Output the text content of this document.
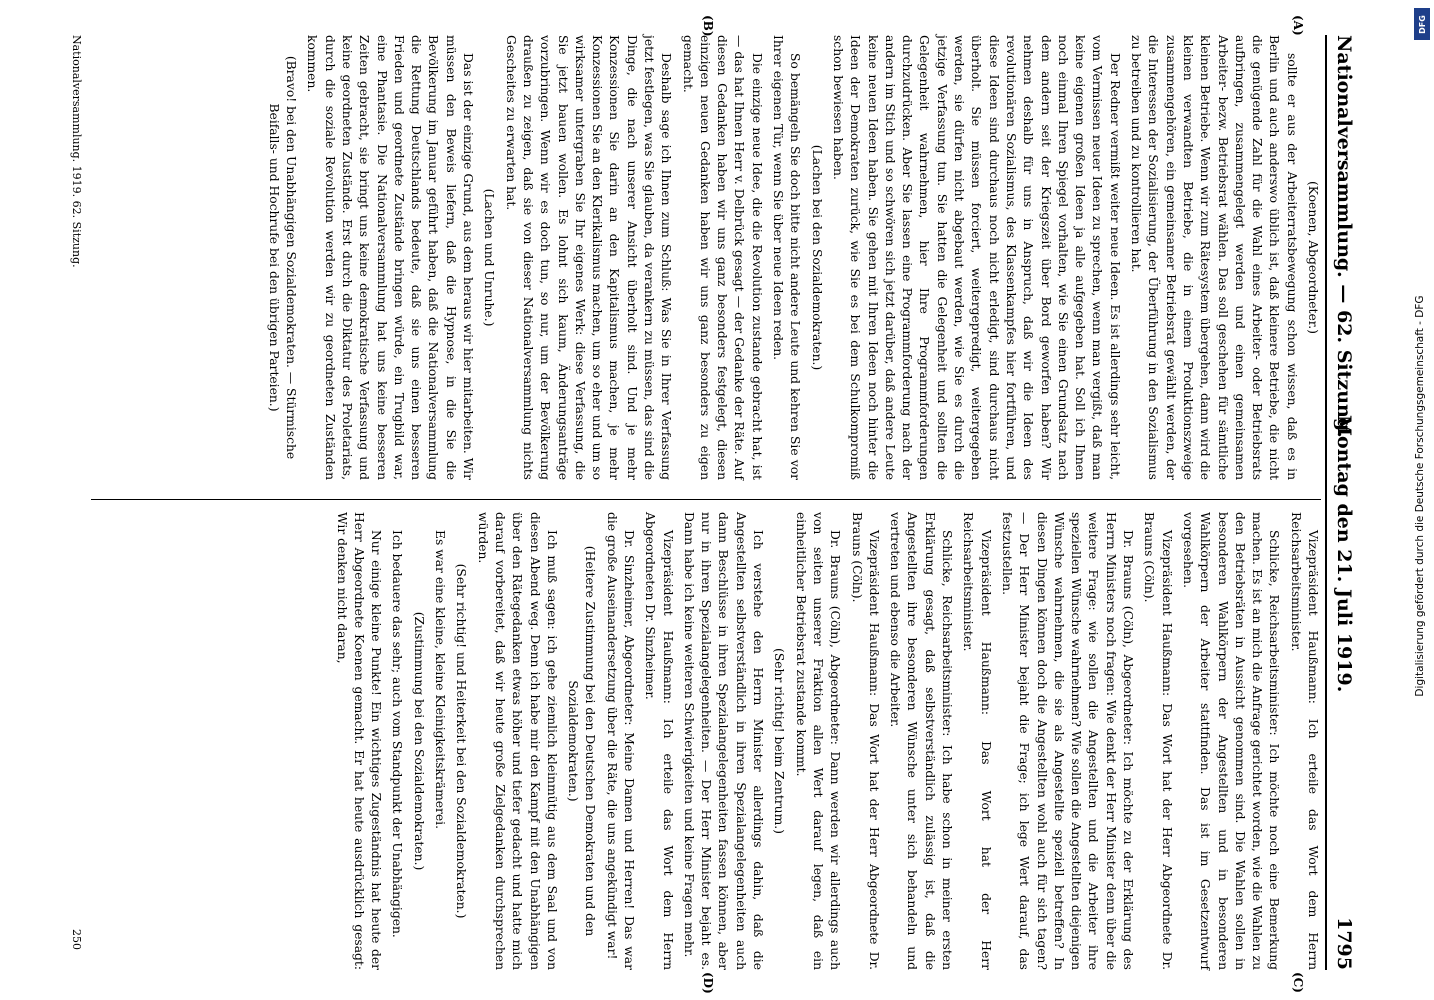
Nationalversammlung. — 62. Sitzung.
Montag den 21. Juli 1919.
1795

(Koenen, Abgeordneter.)

sollte er aus der Arbeiterratsbewegung schon wissen, daß es in Berlin und auch anderswo üblich ist, daß kleinere Betriebe, die nicht die genügende Zahl für die Wahl eines Arbeiter- oder Betriebsrats aufbringen, zusammengelegt werden und einen gemeinsamen Arbeiter- bezw. Betriebsrat wählen. Das soll geschehen für sämtliche kleinen Betriebe. Wenn wir zum Rätesystem übergehen, dann wird die kleinen verwandten Betriebe, die in einem Produktionszweige zusammengehören, ein gemeinsamer Betriebsrat gewählt werden, der die Interessen der Sozialisierung, der Überführung in den Sozialismus zu betreiben und zu kontrollieren hat.

Der Redner vermißt weiter neue Ideen. Es ist allerdings sehr leicht, vom Vermissen neuer Ideen zu sprechen, wenn man vergißt, daß man keine eigenen großen Ideen ja alle aufgegeben hat. Soll ich Ihnen noch einmal Ihren Spiegel vorhalten, wie Sie einen Grundsatz nach dem andern seit der Kriegszeit über Bord geworfen haben? Wir nehmen deshalb für uns in Anspruch, daß wir die Ideen des revolutionären Sozialismus, des Klassenkampfes hier fortführen, und diese Ideen sind durchaus noch nicht erledigt, sind durchaus nicht überholt. Sie müssen forciert, weitergepredigt, weitergegeben werden, sie dürfen nicht abgebaut werden, wie Sie es durch die jetzige Verfassung tun. Sie hatten die Gelegenheit und sollten die Gelegenheit wahrnehmen, hier Ihre Programmforderungen durchzudrücken. Aber Sie lassen eine Programmforderung nach der andern im Stich und so schwören sich jetzt darüber, daß andere Leute keine neuen Ideen haben. Sie gehen mit Ihren Ideen noch hinter die Ideen der Demokraten zurück, wie Sie es bei dem Schulkompromiß schon bewiesen haben.

(Lachen bei den Sozialdemokraten.)

So bemängeln Sie doch bitte nicht andere Leute und kehren Sie vor Ihrer eigenen Tür, wenn Sie über neue Ideen reden.

Die einzige neue Idee, die die Revolution zustande gebracht hat, ist — das hat Ihnen Herr v. Delbrück gesagt — der Gedanke der Räte. Auf diesen Gedanken haben wir uns ganz besonders festgelegt, diesen einzigen neuen Gedanken haben wir uns ganz besonders zu eigen gemacht.

Deshalb sage ich Ihnen zum Schluß: Was Sie in Ihrer Verfassung jetzt festlegen, was Sie glauben, da verankern zu müssen, das sind die Dinge, die nach unserer Ansicht überholt sind. Und je mehr Konzessionen Sie darin an den Kapitalismus machen, je mehr Konzessionen Sie an den Klerikalismus machen, um so eher und um so wirksamer untergraben Sie Ihr eigenes Werk: diese Verfassung, die Sie jetzt bauen wollen. Es lohnt sich kaum, Änderungsanträge vorzubringen. Wenn wir es doch tun, so nur, um der Bevölkerung draußen zu zeigen, daß sie von dieser Nationalversammlung nichts Gescheites zu erwarten hat.

(Lachen und Unruhe.)

Das ist der einzige Grund, aus dem heraus wir hier mitarbeiten. Wir müssen den Beweis liefern, daß die Hypnose, in die Sie die Bevölkerung im Januar geführt haben, daß die Nationalversammlung die Rettung Deutschlands bedeute, daß sie uns einen besseren Frieden und geordnete Zustände bringen würde, ein Trugbild war, eine Phantasie. Die Nationalversammlung hat uns keine besseren Zeiten gebracht, sie bringt uns keine demokratische Verfassung und keine geordneten Zustände. Erst durch die Diktatur des Proletariats, durch die soziale Revolution werden wir zu geordneten Zuständen kommen.

(Bravo! bei den Unabhängigen Sozialdemokraten. — Stürmische Beifalls- und Hochrufe bei den übrigen Parteien.)

Vizepräsident Haußmann: Ich erteile das Wort dem Herrn Reichsarbeitsminister.

Schlicke, Reichsarbeitsminister: Ich möchte noch eine Bemerkung machen. Es ist an mich die Anfrage gerichtet worden, wie die Wahlen zu den Betriebsräten in Aussicht genommen sind. Die Wahlen sollen in besonderen Wahlkörpern der Angestellten und in besonderen Wahlkörpern der Arbeiter stattfinden. Das ist im Gesetzentwurf vorgesehen.

Vizepräsident Haußmann: Das Wort hat der Herr Abgeordnete Dr. Brauns (Cöln).

Dr. Brauns (Cöln), Abgeordneter: Ich möchte zu der Erklärung des Herrn Ministers noch fragen: Wie denkt der Herr Minister denn über die weitere Frage: wie sollen die Angestellten und die Arbeiter ihre speziellen Wünsche wahrnehmen? Wie sollen die Angestellten diejenigen Wünsche wahrnehmen, die sie als Angestellte speziell betreffen? In diesen Dingen können doch die Angestellten wohl auch für sich tagen? — Der Herr Minister bejaht die Frage; ich lege Wert darauf, das festzustellen.

Vizepräsident Haußmann: Das Wort hat der Herr Reichsarbeitsminister.

Schlicke, Reichsarbeitsminister: Ich habe schon in meiner ersten Erklärung gesagt, daß selbstverständlich zulässig ist, daß die Angestellten ihre besonderen Wünsche unter sich behandeln und vertreten und ebenso die Arbeiter.

Vizepräsident Haußmann: Das Wort hat der Herr Abgeordnete Dr. Brauns (Cöln).

Dr. Brauns (Cöln), Abgeordneter: Dann werden wir allerdings auch von seiten unserer Fraktion allen Wert darauf legen, daß ein einheitlicher Betriebsrat zustande kommt.

(Sehr richtig! beim Zentrum.)

Ich verstehe den Herrn Minister allerdings dahin, daß die Angestellten selbstverständlich in ihren Spezialangelegenheiten auch dann Beschlüsse in ihren Spezialangelegenheiten fassen können, aber nur in ihren Spezialangelegenheiten. — Der Herr Minister bejaht es. Dann habe ich keine weiteren Schwierigkeiten und keine Fragen mehr.

Vizepräsident Haußmann: Ich erteile das Wort dem Herrn Abgeordneten Dr. Sinzheimer.

Dr. Sinzheimer, Abgeordneter: Meine Damen und Herren! Das war die große Auseinandersetzung über die Räte, die uns angekündigt war!

(Heitere Zustimmung bei den Deutschen Demokraten und den Sozialdemokraten.)

Ich muß sagen: ich gehe ziemlich kleinmütig aus dem Saal und von diesen Abend weg. Denn ich habe mir den Kampf mit den Unabhängigen über den Rätegedanken etwas höher und tiefer gedacht und hatte mich darauf vorbereitet, daß wir heute große Zielgedanken durchsprechen würden.

(Sehr richtig! und Heiterkeit bei den Sozialdemokraten.)

Es war eine kleine, kleine Kleinigkeitskrämerei.

(Zustimmung bei den Sozialdemokraten.)

Ich bedauere das sehr; auch vom Standpunkt der Unabhängigen.

Nur einige kleine Punkte! Ein wichtiges Zugeständnis hat heute der Herr Abgeordnete Koenen gemacht. Er hat heute ausdrücklich gesagt: Wir denken nicht daran,

(A)
(B)
(C)
(D)
Nationalversammlung. 1919. 62. Sitzung.
250
Digitalisierung gefördert durch die Deutsche Forschungsgemeinschaft - DFG
DFG
